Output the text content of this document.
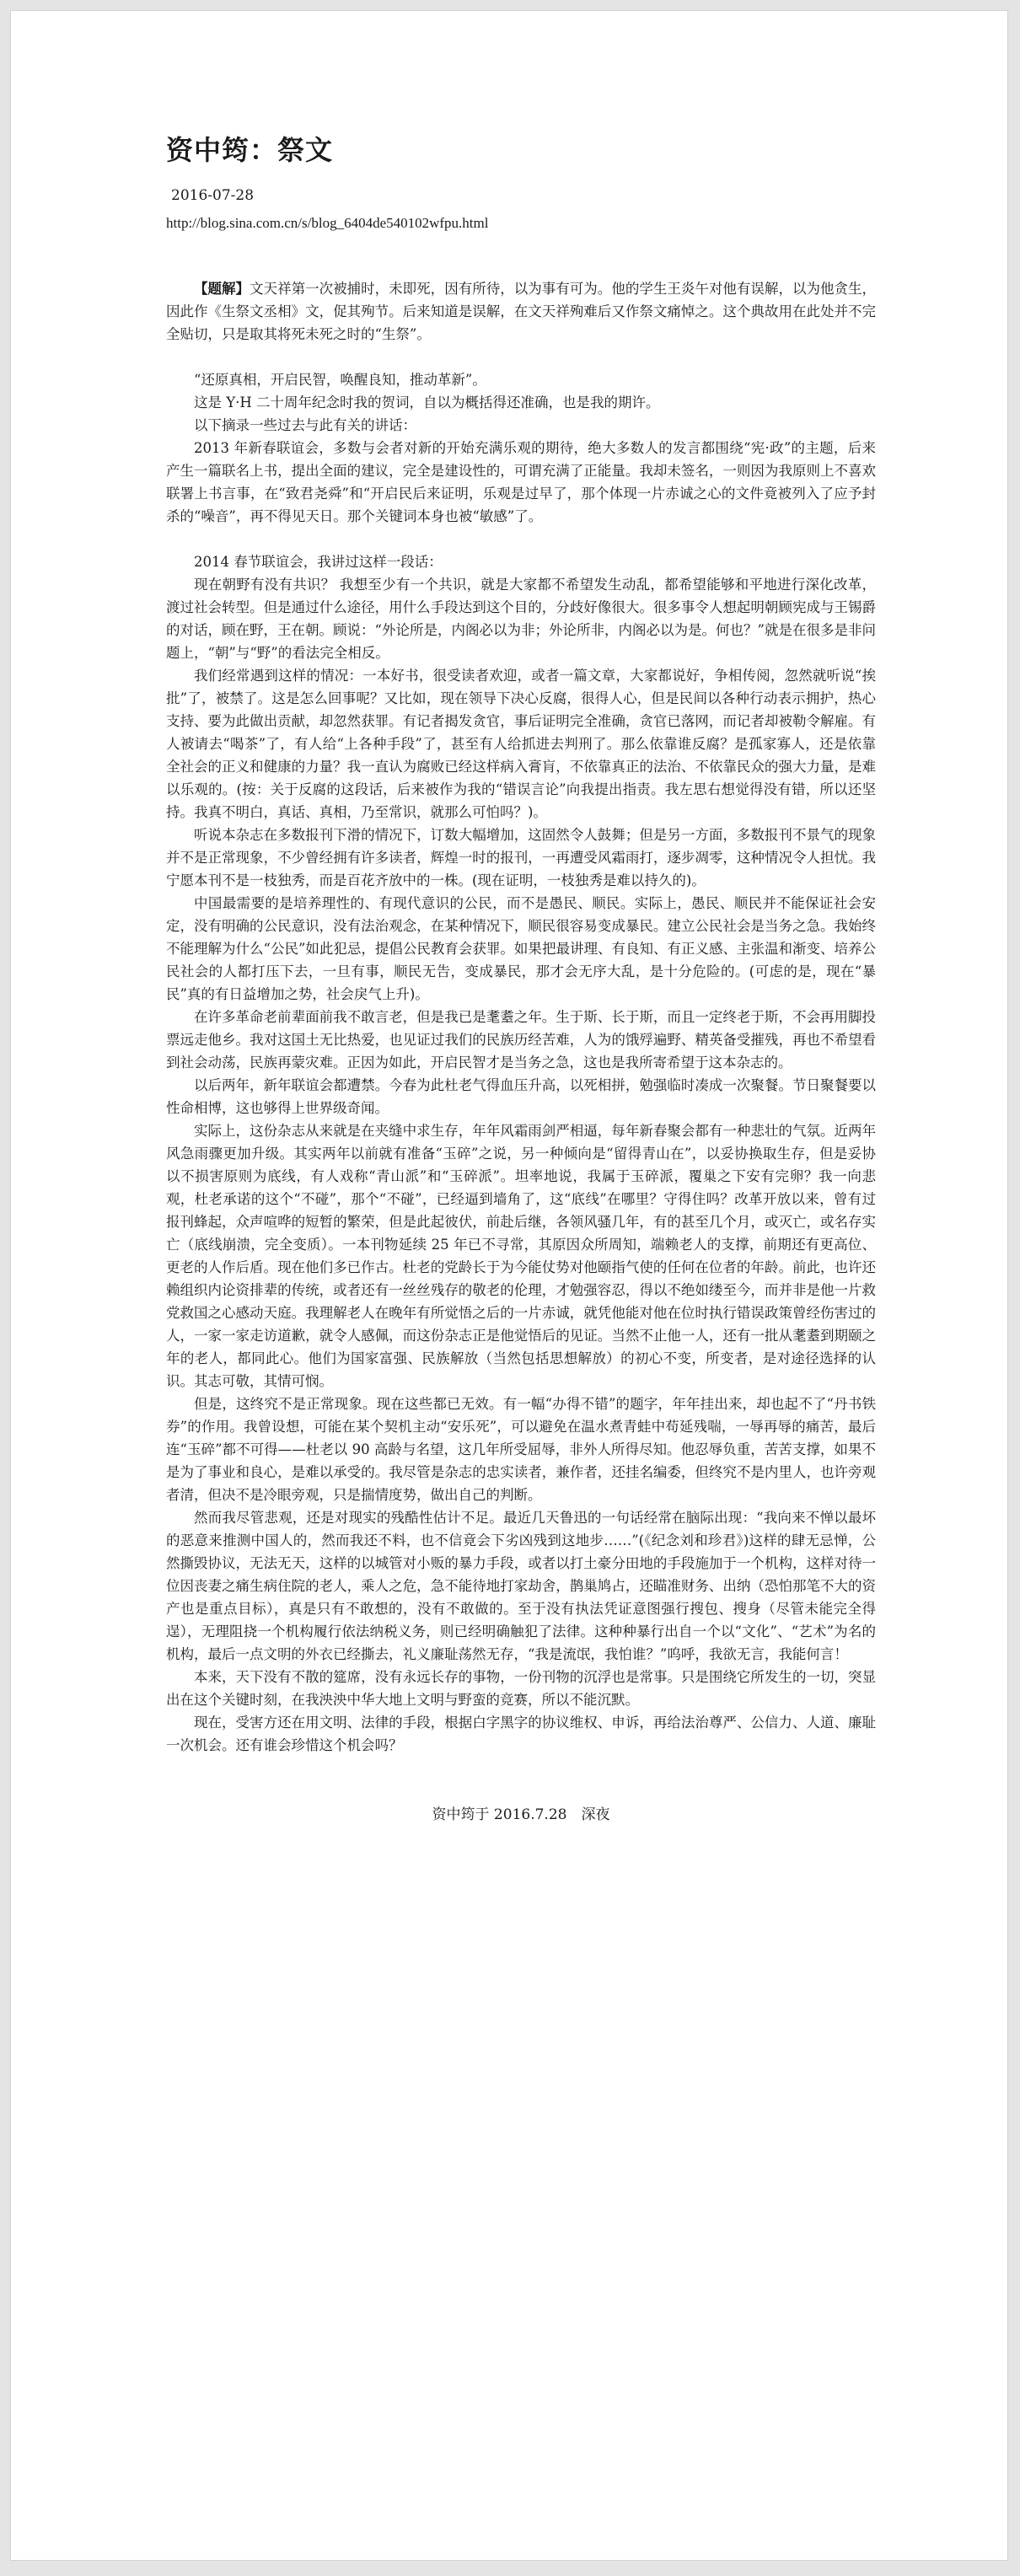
资中筠：祭文
2016-07-28
http://blog.sina.com.cn/s/blog_6404de540102wfpu.html

【题解】文天祥第一次被捕时，未即死，因有所待，以为事有可为。他的学生王炎午对他有误解，以为他贪生，因此作《生祭文丞相》文，促其殉节。后来知道是误解，在文天祥殉难后又作祭文痛悼之。这个典故用在此处并不完全贴切，只是取其将死未死之时的“生祭”。

“还原真相，开启民智，唤醒良知，推动革新”。

这是 Y·H 二十周年纪念时我的贺词，自以为概括得还准确，也是我的期许。

以下摘录一些过去与此有关的讲话：

2013 年新春联谊会，多数与会者对新的开始充满乐观的期待，绝大多数人的发言都围绕“宪·政”的主题，后来产生一篇联名上书，提出全面的建议，完全是建设性的，可谓充满了正能量。我却未签名，一则因为我原则上不喜欢联署上书言事，在“致君尧舜”和“开启民后来证明，乐观是过早了，那个体现一片赤诚之心的文件竟被列入了应予封杀的“噪音”，再不得见天日。那个关键词本身也被“敏感”了。

2014 春节联谊会，我讲过这样一段话：

现在朝野有没有共识？ 我想至少有一个共识，就是大家都不希望发生动乱，都希望能够和平地进行深化改革，渡过社会转型。但是通过什么途径，用什么手段达到这个目的，分歧好像很大。很多事令人想起明朝顾宪成与王锡爵的对话，顾在野，王在朝。顾说：“外论所是，内阁必以为非；外论所非，内阁必以为是。何也？”就是在很多是非问题上，“朝”与“野”的看法完全相反。

我们经常遇到这样的情况：一本好书，很受读者欢迎，或者一篇文章，大家都说好，争相传阅，忽然就听说“挨批”了，被禁了。这是怎么回事呢？又比如，现在领导下决心反腐，很得人心，但是民间以各种行动表示拥护，热心支持、要为此做出贡献，却忽然获罪。有记者揭发贪官，事后证明完全准确，贪官已落网，而记者却被勒令解雇。有人被请去“喝茶”了，有人给“上各种手段”了，甚至有人给抓进去判刑了。那么依靠谁反腐？是孤家寡人，还是依靠全社会的正义和健康的力量？我一直认为腐败已经这样病入膏肓，不依靠真正的法治、不依靠民众的强大力量，是难以乐观的。(按：关于反腐的这段话，后来被作为我的“错误言论”向我提出指责。我左思右想觉得没有错，所以还坚持。我真不明白，真话、真相，乃至常识，就那么可怕吗？)。

听说本杂志在多数报刊下滑的情况下，订数大幅增加，这固然令人鼓舞；但是另一方面，多数报刊不景气的现象并不是正常现象，不少曾经拥有许多读者，辉煌一时的报刊，一再遭受风霜雨打，逐步凋零，这种情况令人担忧。我宁愿本刊不是一枝独秀，而是百花齐放中的一株。(现在证明，一枝独秀是难以持久的)。

中国最需要的是培养理性的、有现代意识的公民，而不是愚民、顺民。实际上，愚民、顺民并不能保证社会安定，没有明确的公民意识，没有法治观念，在某种情况下，顺民很容易变成暴民。建立公民社会是当务之急。我始终不能理解为什么“公民”如此犯忌，提倡公民教育会获罪。如果把最讲理、有良知、有正义感、主张温和渐变、培养公民社会的人都打压下去，一旦有事，顺民无告，变成暴民，那才会无序大乱，是十分危险的。(可虑的是，现在“暴民”真的有日益增加之势，社会戾气上升)。

在许多革命老前辈面前我不敢言老，但是我已是耄耋之年。生于斯、长于斯，而且一定终老于斯，不会再用脚投票远走他乡。我对这国土无比热爱，也见证过我们的民族历经苦难，人为的饿殍遍野、精英备受摧残，再也不希望看到社会动荡，民族再蒙灾难。正因为如此，开启民智才是当务之急，这也是我所寄希望于这本杂志的。

以后两年，新年联谊会都遭禁。今春为此杜老气得血压升高，以死相拼，勉强临时凑成一次聚餐。节日聚餐要以性命相博，这也够得上世界级奇闻。

实际上，这份杂志从来就是在夹缝中求生存，年年风霜雨剑严相逼，每年新春聚会都有一种悲壮的气氛。近两年风急雨骤更加升级。其实两年以前就有准备“玉碎”之说，另一种倾向是“留得青山在”，以妥协换取生存，但是妥协以不损害原则为底线，有人戏称“青山派”和“玉碎派”。坦率地说，我属于玉碎派，覆巢之下安有完卵？我一向悲观，杜老承诺的这个“不碰”，那个“不碰”，已经逼到墙角了，这“底线”在哪里？守得住吗？改革开放以来，曾有过报刊蜂起，众声喧哗的短暂的繁荣，但是此起彼伏，前赴后继，各领风骚几年，有的甚至几个月，或灭亡，或名存实亡（底线崩溃，完全变质）。一本刊物延续 25 年已不寻常，其原因众所周知，端赖老人的支撑，前期还有更高位、更老的人作后盾。现在他们多已作古。杜老的党龄长于为今能仗势对他颐指气使的任何在位者的年龄。前此，也许还赖组织内论资排辈的传统，或者还有一丝丝残存的敬老的伦理，才勉强容忍，得以不绝如缕至今，而并非是他一片救党救国之心感动天庭。我理解老人在晚年有所觉悟之后的一片赤诚，就凭他能对他在位时执行错误政策曾经伤害过的人，一家一家走访道歉，就令人感佩，而这份杂志正是他觉悟后的见证。当然不止他一人，还有一批从耄耋到期颐之年的老人，都同此心。他们为国家富强、民族解放（当然包括思想解放）的初心不变，所变者，是对途径选择的认识。其志可敬，其情可悯。

但是，这终究不是正常现象。现在这些都已无效。有一幅“办得不错”的题字，年年挂出来，却也起不了“丹书铁券”的作用。我曾设想，可能在某个契机主动“安乐死”，可以避免在温水煮青蛙中苟延残喘，一辱再辱的痛苦，最后连“玉碎”都不可得——杜老以 90 高龄与名望，这几年所受屈辱，非外人所得尽知。他忍辱负重，苦苦支撑，如果不是为了事业和良心，是难以承受的。我尽管是杂志的忠实读者，兼作者，还挂名编委，但终究不是内里人，也许旁观者清，但决不是冷眼旁观，只是揣情度势，做出自己的判断。

然而我尽管悲观，还是对现实的残酷性估计不足。最近几天鲁迅的一句话经常在脑际出现：“我向来不惮以最坏的恶意来推测中国人的，然而我还不料，也不信竟会下劣凶残到这地步……”(《纪念刘和珍君》)这样的肆无忌惮，公然撕毁协议，无法无天，这样的以城管对小贩的暴力手段，或者以打土豪分田地的手段施加于一个机构，这样对待一位因丧妻之痛生病住院的老人，乘人之危，急不能待地打家劫舍，鹊巢鸠占，还瞄准财务、出纳（恐怕那笔不大的资产也是重点目标），真是只有不敢想的，没有不敢做的。至于没有执法凭证意图强行搜包、搜身（尽管未能完全得逞），无理阻挠一个机构履行依法纳税义务，则已经明确触犯了法律。这种种暴行出自一个以“文化”、“艺术”为名的机构，最后一点文明的外衣已经撕去，礼义廉耻荡然无存，“我是流氓，我怕谁？”呜呼，我欲无言，我能何言！

本来，天下没有不散的筵席，没有永远长存的事物，一份刊物的沉浮也是常事。只是围绕它所发生的一切，突显出在这个关键时刻，在我泱泱中华大地上文明与野蛮的竞赛，所以不能沉默。

现在，受害方还在用文明、法律的手段，根据白字黑字的协议维权、申诉，再给法治尊严、公信力、人道、廉耻一次机会。还有谁会珍惜这个机会吗？

资中筠于 2016.7.28　深夜
